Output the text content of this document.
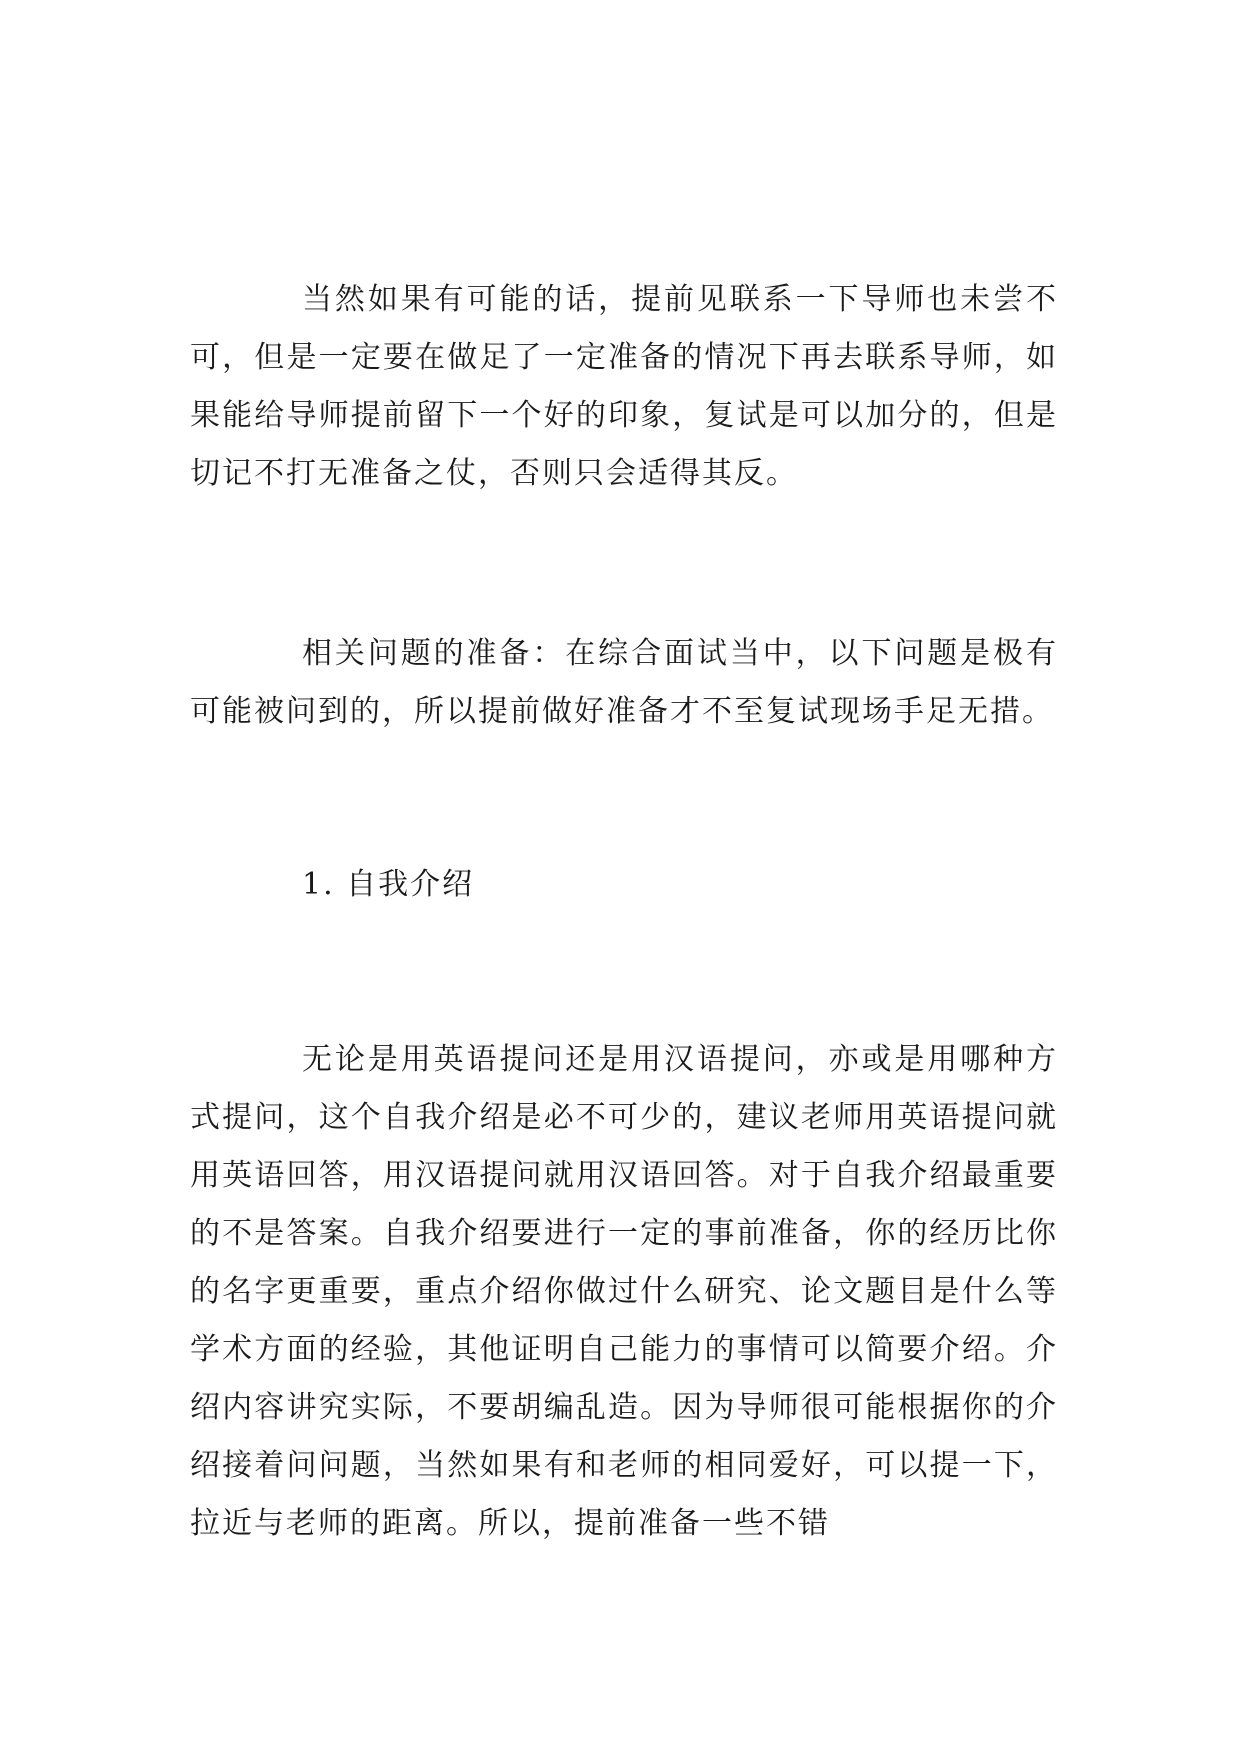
当然如果有可能的话，提前见联系一下导师也未尝不可，但是一定要在做足了一定准备的情况下再去联系导师，如果能给导师提前留下一个好的印象，复试是可以加分的，但是切记不打无准备之仗，否则只会适得其反。

相关问题的准备：在综合面试当中，以下问题是极有可能被问到的，所以提前做好准备才不至复试现场手足无措。

1. 自我介绍

无论是用英语提问还是用汉语提问，亦或是用哪种方式提问，这个自我介绍是必不可少的，建议老师用英语提问就用英语回答，用汉语提问就用汉语回答。对于自我介绍最重要的不是答案。自我介绍要进行一定的事前准备，你的经历比你的名字更重要，重点介绍你做过什么研究、论文题目是什么等学术方面的经验，其他证明自己能力的事情可以简要介绍。介绍内容讲究实际，不要胡编乱造。因为导师很可能根据你的介绍接着问问题，当然如果有和老师的相同爱好，可以提一下，拉近与老师的距离。所以，提前准备一些不错
